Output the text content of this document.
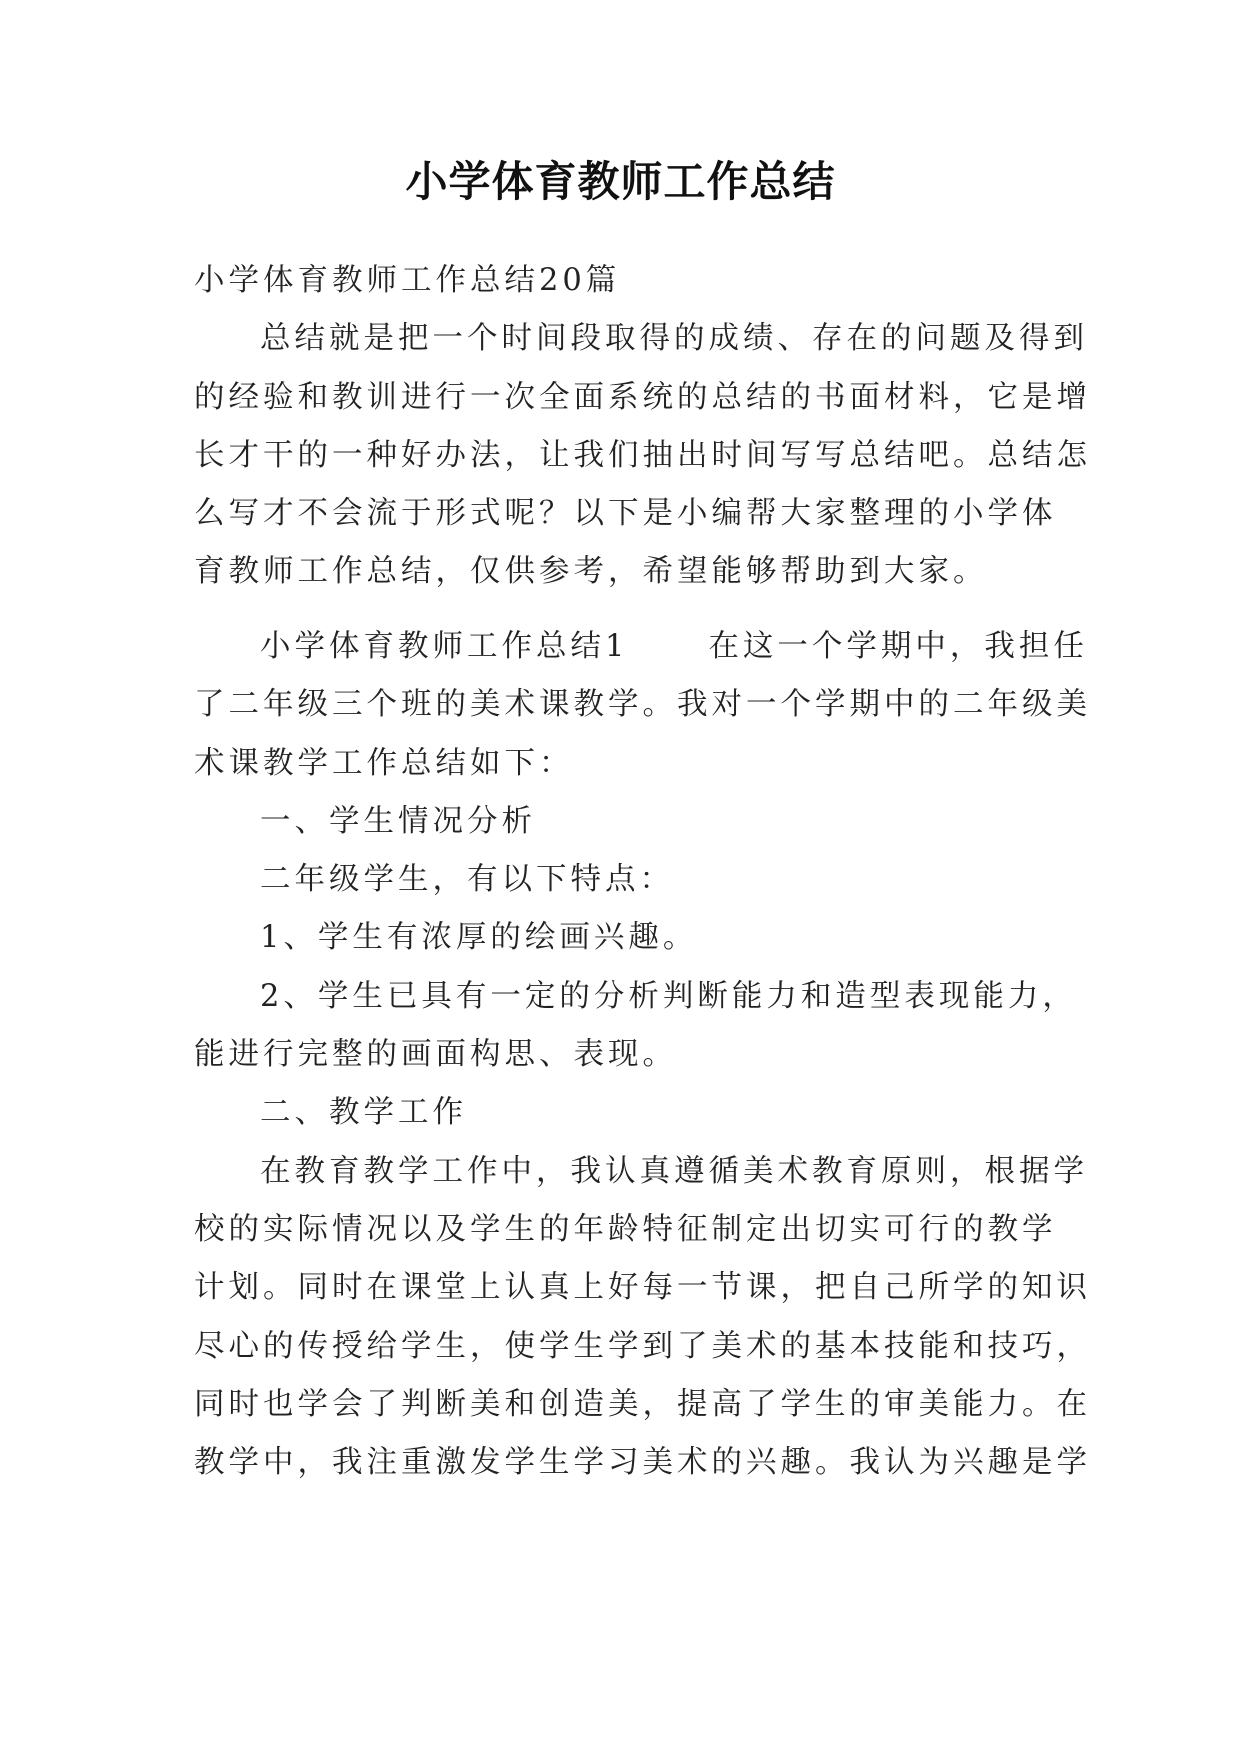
小学体育教师工作总结
小学体育教师工作总结20篇
总结就是把一个时间段取得的成绩、存在的问题及得到
的经验和教训进行一次全面系统的总结的书面材料，它是增
长才干的一种好办法，让我们抽出时间写写总结吧。总结怎
么写才不会流于形式呢？以下是小编帮大家整理的小学体
育教师工作总结，仅供参考，希望能够帮助到大家。
小学体育教师工作总结1	在这一个学期中，我担任
了二年级三个班的美术课教学。我对一个学期中的二年级美
术课教学工作总结如下：
一、学生情况分析
二年级学生，有以下特点：
1、学生有浓厚的绘画兴趣。
2、学生已具有一定的分析判断能力和造型表现能力，
能进行完整的画面构思、表现。
二、教学工作
在教育教学工作中，我认真遵循美术教育原则，根据学
校的实际情况以及学生的年龄特征制定出切实可行的教学
计划。同时在课堂上认真上好每一节课，把自己所学的知识
尽心的传授给学生，使学生学到了美术的基本技能和技巧，
同时也学会了判断美和创造美，提高了学生的审美能力。在
教学中，我注重激发学生学习美术的兴趣。我认为兴趣是学
